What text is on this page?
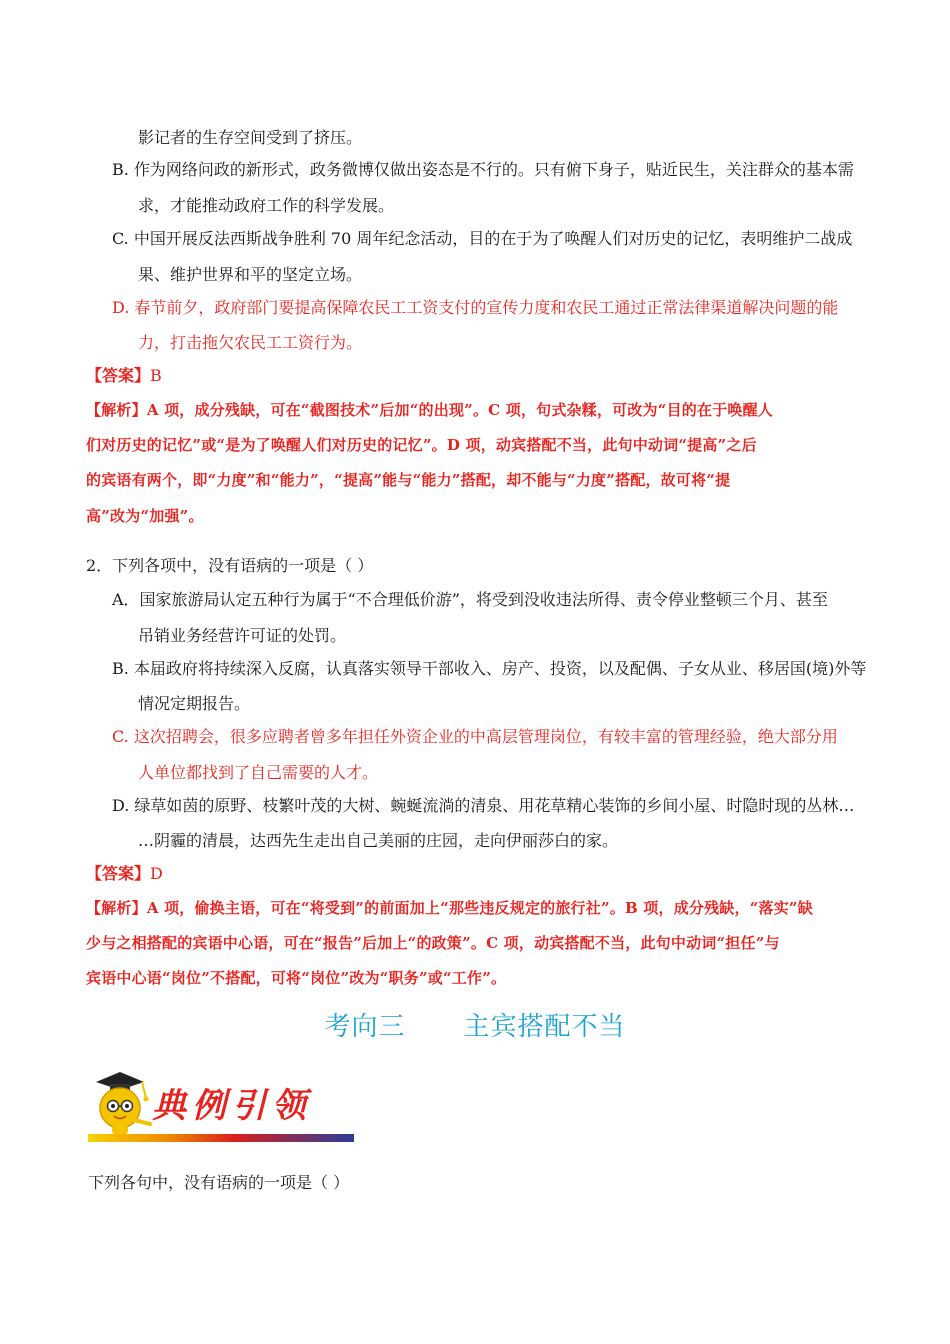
影记者的生存空间受到了挤压。
B. 作为网络问政的新形式，政务微博仅做出姿态是不行的。只有俯下身子，贴近民生，关注群众的基本需
求，才能推动政府工作的科学发展。
C. 中国开展反法西斯战争胜利 70 周年纪念活动，目的在于为了唤醒人们对历史的记忆，表明维护二战成
果、维护世界和平的坚定立场。
D. 春节前夕，政府部门要提高保障农民工工资支付的宣传力度和农民工通过正常法律渠道解决问题的能
力，打击拖欠农民工工资行为。
【答案】B
【解析】A 项，成分残缺，可在“截图技术”后加“的出现”。C 项，句式杂糅，可改为“目的在于唤醒人
们对历史的记忆”或“是为了唤醒人们对历史的记忆”。D 项，动宾搭配不当，此句中动词“提高”之后
的宾语有两个，即“力度”和“能力”，“提高”能与“能力”搭配，却不能与“力度”搭配，故可将“提
高”改为“加强”。
2．下列各项中，没有语病的一项是（ ）
A．国家旅游局认定五种行为属于“不合理低价游”，将受到没收违法所得、责令停业整顿三个月、甚至
吊销业务经营许可证的处罚。
B. 本届政府将持续深入反腐，认真落实领导干部收入、房产、投资，以及配偶、子女从业、移居国(境)外等
情况定期报告。
C. 这次招聘会，很多应聘者曾多年担任外资企业的中高层管理岗位，有较丰富的管理经验，绝大部分用
人单位都找到了自己需要的人才。
D. 绿草如茵的原野、枝繁叶茂的大树、蜿蜒流淌的清泉、用花草精心装饰的乡间小屋、时隐时现的丛林…
…阴霾的清晨，达西先生走出自己美丽的庄园，走向伊丽莎白的家。
【答案】D
【解析】A 项，偷换主语，可在“将受到”的前面加上“那些违反规定的旅行社”。B 项，成分残缺，“落实”缺
少与之相搭配的宾语中心语，可在“报告”后加上“的政策”。C 项，动宾搭配不当，此句中动词“担任”与
宾语中心语“岗位”不搭配，可将“岗位”改为“职务”或“工作”。
考向三 主宾搭配不当
典例引领
下列各句中，没有语病的一项是（ ）
